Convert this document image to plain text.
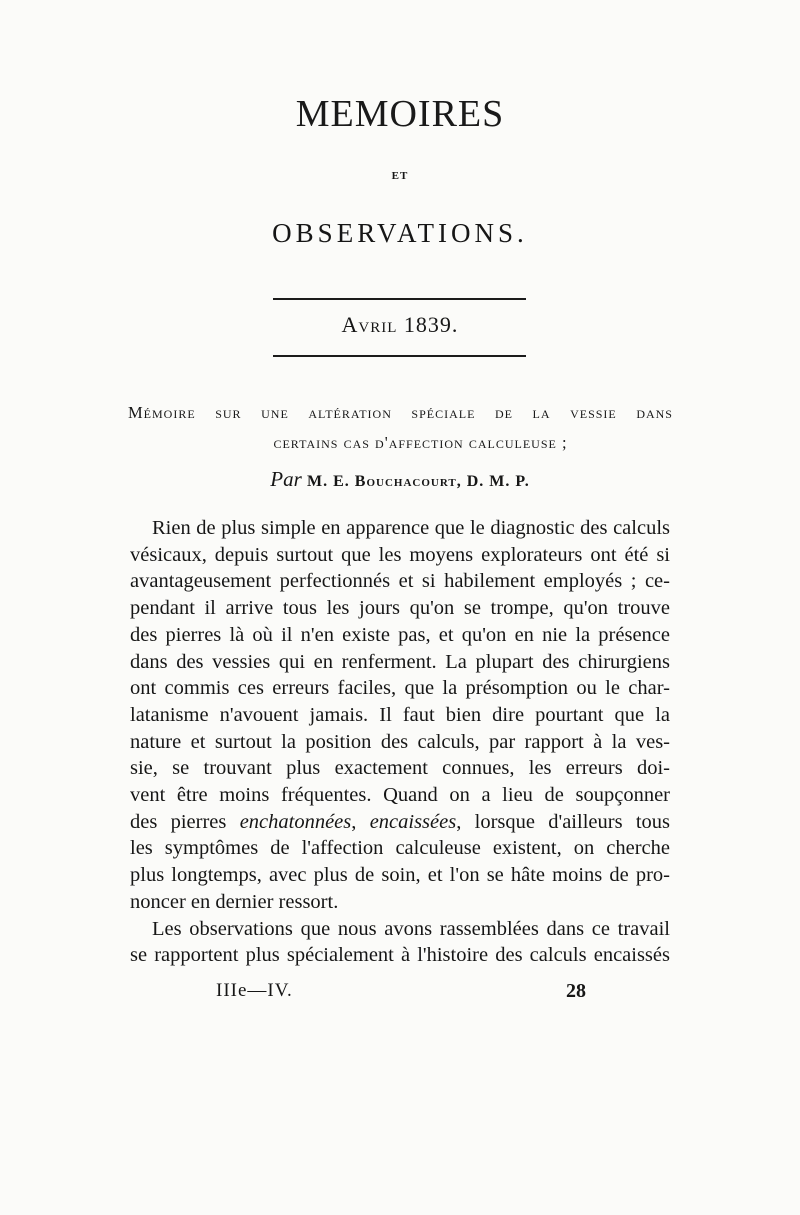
MEMOIRES
ET
OBSERVATIONS.
Avril 1839.
Mémoire sur une altération spéciale de la vessie dans
certains cas d'affection calculeuse ;
Par M. E. Bouchacourt, D. M. P.
Rien de plus simple en apparence que le diagnostic des calculs
vésicaux, depuis surtout que les moyens explorateurs ont été si
avantageusement perfectionnés et si habilement employés ; ce-
pendant il arrive tous les jours qu'on se trompe, qu'on trouve
des pierres là où il n'en existe pas, et qu'on en nie la présence
dans des vessies qui en renferment. La plupart des chirurgiens
ont commis ces erreurs faciles, que la présomption ou le char-
latanisme n'avouent jamais. Il faut bien dire pourtant que la
nature et surtout la position des calculs, par rapport à la ves-
sie, se trouvant plus exactement connues, les erreurs doi-
vent être moins fréquentes. Quand on a lieu de soupçonner
des pierres enchatonnées, encaissées, lorsque d'ailleurs tous
les symptômes de l'affection calculeuse existent, on cherche
plus longtemps, avec plus de soin, et l'on se hâte moins de pro-
noncer en dernier ressort.
Les observations que nous avons rassemblées dans ce travail
se rapportent plus spécialement à l'histoire des calculs encaissés
IIIe—IV.	28
